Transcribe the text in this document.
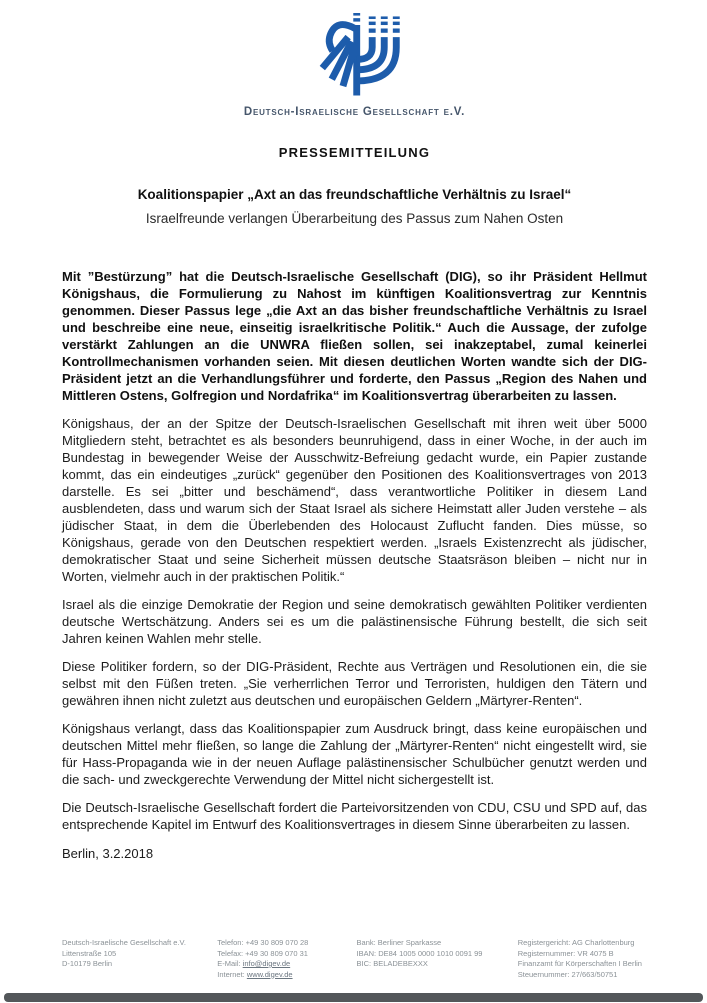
Deutsch-Israelische Gesellschaft e.V.
PRESSEMITTEILUNG
Koalitionspapier „Axt an das freundschaftliche Verhältnis zu Israel“
Israelfreunde verlangen Überarbeitung des Passus zum Nahen Osten

Mit ”Bestürzung” hat die Deutsch-Israelische Gesellschaft (DIG), so ihr Präsident Hellmut Königshaus, die Formulierung zu Nahost im künftigen Koalitionsvertrag zur Kenntnis genommen. Dieser Passus lege „die Axt an das bisher freundschaftliche Verhältnis zu Israel und beschreibe eine neue, einseitig israelkritische Politik.“ Auch die Aussage, der zufolge verstärkt Zahlungen an die UNWRA fließen sollen, sei inakzeptabel, zumal keinerlei Kontrollmechanismen vorhanden seien. Mit diesen deutlichen Worten wandte sich der DIG-Präsident jetzt an die Verhandlungsführer und forderte, den Passus „Region des Nahen und Mittleren Ostens, Golfregion und Nordafrika“ im Koalitionsvertrag überarbeiten zu lassen.

Königshaus, der an der Spitze der Deutsch-Israelischen Gesellschaft mit ihren weit über 5000 Mitgliedern steht, betrachtet es als besonders beunruhigend, dass in einer Woche, in der auch im Bundestag in bewegender Weise der Ausschwitz-Befreiung gedacht wurde, ein Papier zustande kommt, das ein eindeutiges „zurück“ gegenüber den Positionen des Koalitionsvertrages von 2013 darstelle. Es sei „bitter und beschämend“, dass verantwortliche Politiker in diesem Land ausblendeten, dass und warum sich der Staat Israel als sichere Heimstatt aller Juden verstehe – als jüdischer Staat, in dem die Überlebenden des Holocaust Zuflucht fanden. Dies müsse, so Königshaus, gerade von den Deutschen respektiert werden. „Israels Existenzrecht als jüdischer, demokratischer Staat und seine Sicherheit müssen deutsche Staatsräson bleiben – nicht nur in Worten, vielmehr auch in der praktischen Politik.“

Israel als die einzige Demokratie der Region und seine demokratisch gewählten Politiker verdienten deutsche Wertschätzung. Anders sei es um die palästinensische Führung bestellt, die sich seit Jahren keinen Wahlen mehr stelle.

Diese Politiker fordern, so der DIG-Präsident, Rechte aus Verträgen und Resolutionen ein, die sie selbst mit den Füßen treten. „Sie verherrlichen Terror und Terroristen, huldigen den Tätern und gewähren ihnen nicht zuletzt aus deutschen und europäischen Geldern „Märtyrer-Renten“.

Königshaus verlangt, dass das Koalitionspapier zum Ausdruck bringt, dass keine europäischen und deutschen Mittel mehr fließen, so lange die Zahlung der „Märtyrer-Renten“ nicht eingestellt wird, sie für Hass-Propaganda wie in der neuen Auflage palästinensischer Schulbücher genutzt werden und die sach- und zweckgerechte Verwendung der Mittel nicht sichergestellt ist.

Die Deutsch-Israelische Gesellschaft fordert die Parteivorsitzenden von CDU, CSU und SPD auf, das entsprechende Kapitel im Entwurf des Koalitionsvertrages in diesem Sinne überarbeiten zu lassen.

Berlin, 3.2.2018
Deutsch-Israelische Gesellschaft e.V.
Littenstraße 105
D-10179 Berlin
Telefon: +49 30 809 070 28
Telefax: +49 30 809 070 31
E-Mail: info@digev.de
Internet: www.digev.de
Bank: Berliner Sparkasse
IBAN: DE84 1005 0000 1010 0091 99
BIC: BELADEBEXXX
Registergericht: AG Charlottenburg
Registernummer: VR 4075 B
Finanzamt für Körperschaften I Berlin
Steuernummer: 27/663/50751
